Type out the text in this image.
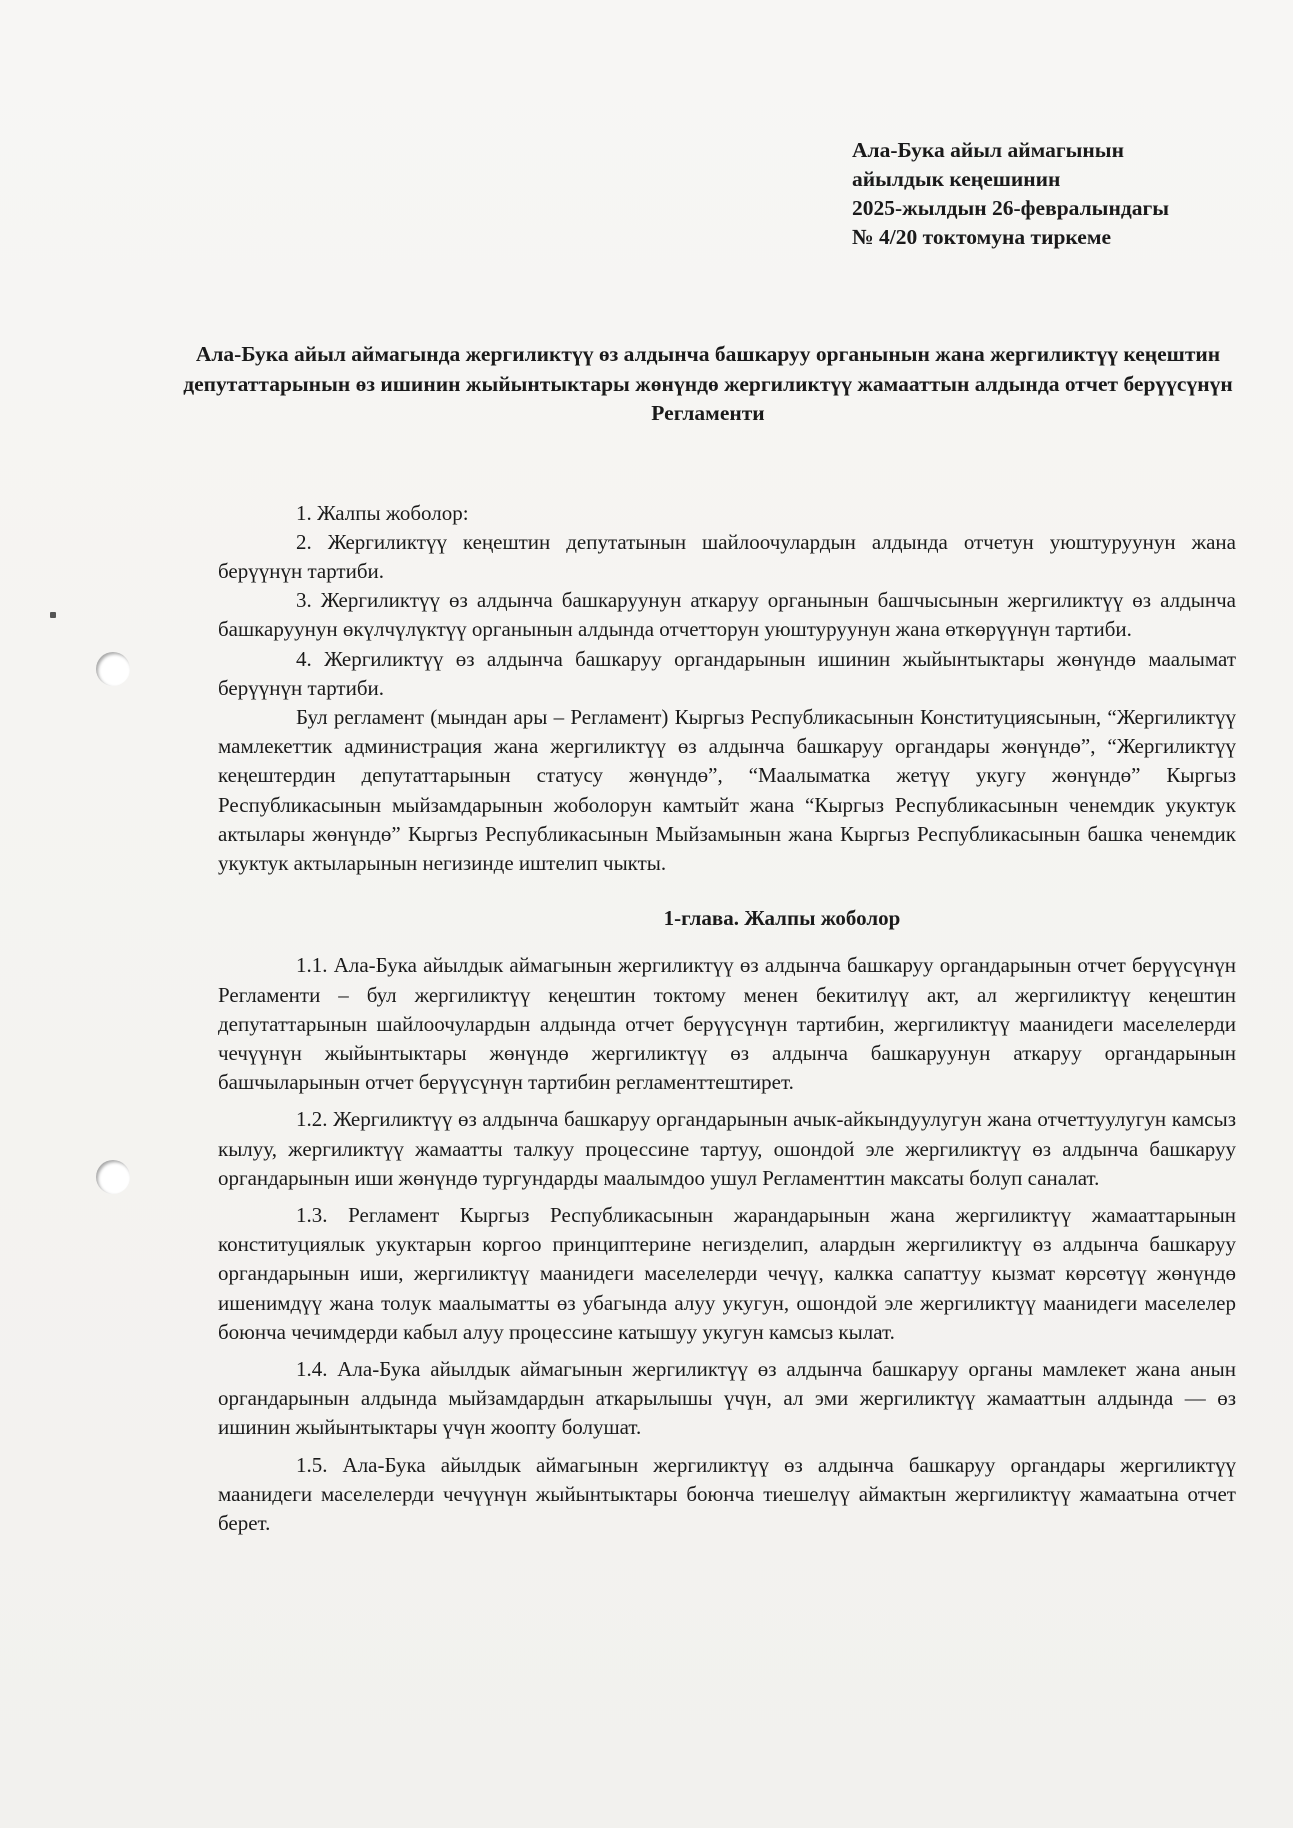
Ала-Бука айыл аймагынын
айылдык кеңешинин
2025-жылдын 26-февралындагы
№ 4/20 токтомуна тиркеме
Ала-Бука айыл аймагында жергиликтүү өз алдынча башкаруу органынын жана жергиликтүү кеңештин депутаттарынын өз ишинин жыйынтыктары жөнүндө жергиликтүү жамааттын алдында отчет берүүсүнүн Регламенти

1. Жалпы жоболор:

2. Жергиликтүү кеңештин депутатынын шайлоочулардын алдында отчетун уюштуруунун жана берүүнүн тартиби.

3. Жергиликтүү өз алдынча башкаруунун аткаруу органынын башчысынын жергиликтүү өз алдынча башкаруунун өкүлчүлүктүү органынын алдында отчетторун уюштуруунун жана өткөрүүнүн тартиби.

4. Жергиликтүү өз алдынча башкаруу органдарынын ишинин жыйынтыктары жөнүндө маалымат берүүнүн тартиби.

Бул регламент (мындан ары – Регламент) Кыргыз Республикасынын Конституциясынын, “Жергиликтүү мамлекеттик администрация жана жергиликтүү өз алдынча башкаруу органдары жөнүндө”, “Жергиликтүү кеңештердин депутаттарынын статусу жөнүндө”, “Маалыматка жетүү укугу жөнүндө” Кыргыз Республикасынын мыйзамдарынын жоболорун камтыйт жана “Кыргыз Республикасынын ченемдик укуктук актылары жөнүндө” Кыргыз Республикасынын Мыйзамынын жана Кыргыз Республикасынын башка ченемдик укуктук актыларынын негизинде иштелип чыкты.

1-глава. Жалпы жоболор

1.1. Ала-Бука айылдык аймагынын жергиликтүү өз алдынча башкаруу органдарынын отчет берүүсүнүн Регламенти – бул жергиликтүү кеңештин токтому менен бекитилүү акт, ал жергиликтүү кеңештин депутаттарынын шайлоочулардын алдында отчет берүүсүнүн тартибин, жергиликтүү маанидеги маселелерди чечүүнүн жыйынтыктары жөнүндө жергиликтүү өз алдынча башкаруунун аткаруу органдарынын башчыларынын отчет берүүсүнүн тартибин регламенттештирет.

1.2. Жергиликтүү өз алдынча башкаруу органдарынын ачык-айкындуулугун жана отчеттуулугун камсыз кылуу, жергиликтүү жамаатты талкуу процессине тартуу, ошондой эле жергиликтүү өз алдынча башкаруу органдарынын иши жөнүндө тургундарды маалымдоо ушул Регламенттин максаты болуп саналат.

1.3. Регламент Кыргыз Республикасынын жарандарынын жанa жергиликтүү жамааттарынын конституциялык укуктарын коргоо принциптерине негизделип, алардын жергиликтүү өз алдынча башкаруу органдарынын иши, жергиликтүү маанидеги маселелерди чечүү, калкка сапаттуу кызмат көрсөтүү жөнүндө ишенимдүү жана толук маалыматты өз убагында алуу укугун, ошондой эле жергиликтүү маанидеги маселелер боюнча чечимдерди кабыл алуу процессине катышуу укугун камсыз кылат.

1.4. Ала-Бука айылдык аймагынын жергиликтүү өз алдынча башкаруу органы мамлекет жана анын органдарынын алдында мыйзамдардын аткарылышы үчүн, ал эми жергиликтүү жамааттын алдында — өз ишинин жыйынтыктары үчүн жоопту болушат.

1.5. Ала-Бука айылдык аймагынын жергиликтүү өз алдынча башкаруу органдары жергиликтүү маанидеги маселелерди чечүүнүн жыйынтыктары боюнча тиешелүү аймактын жергиликтүү жамаатына отчет берет.
